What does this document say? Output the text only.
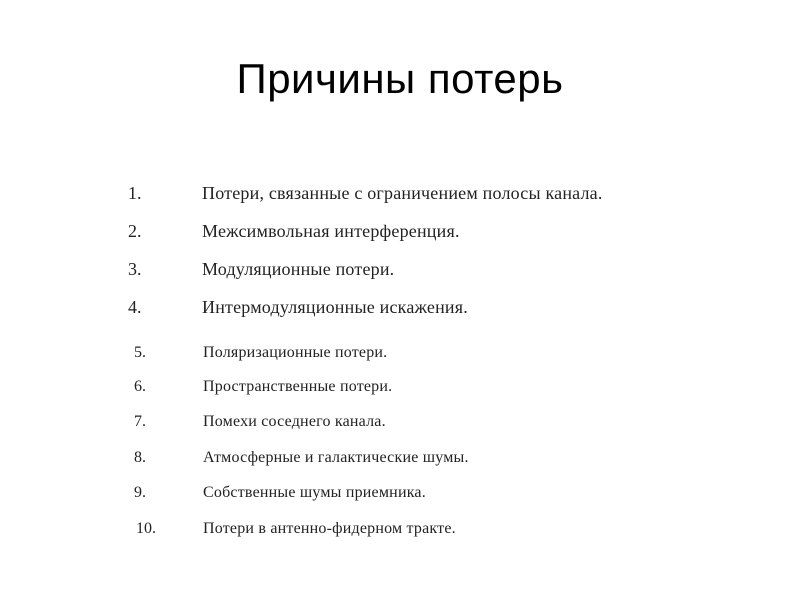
Причины потерь
1.	Потери, связанные с ограничением полосы канала.
2.	Межсимвольная интерференция.
3.	Модуляционные потери.
4.	Интермодуляционные искажения.
5.	Поляризационные потери.
6.	Пространственные потери.
7.	Помехи соседнего канала.
8.	Атмосферные и галактические шумы.
9.	Собственные шумы приемника.
10.	Потери в антенно-фидерном тракте.
